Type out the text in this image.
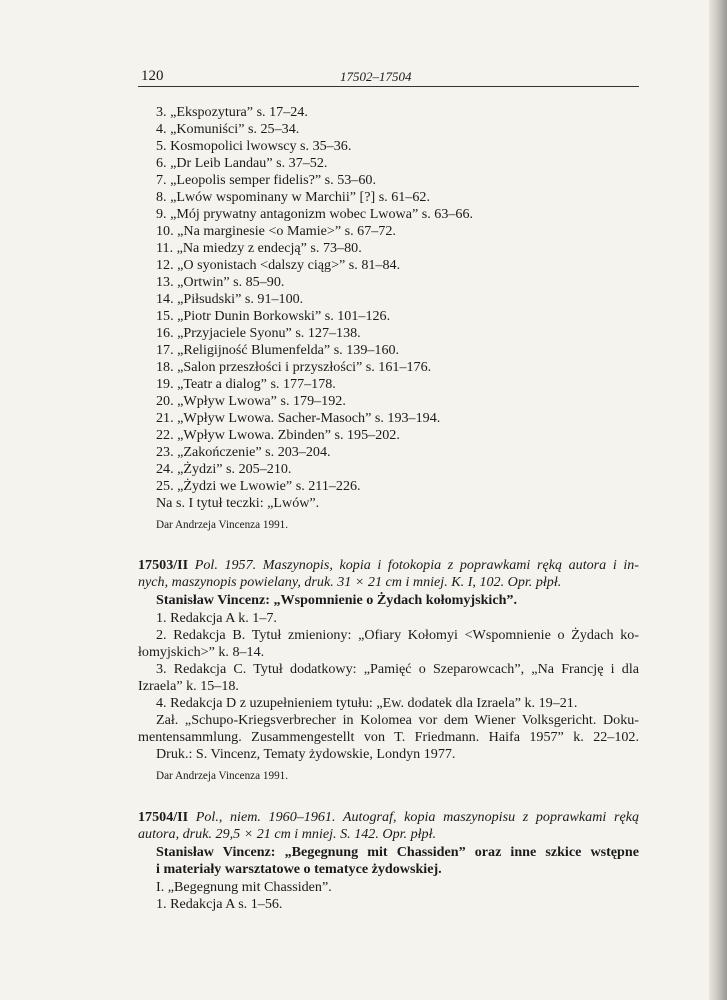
120	17502–17504
3. „Ekspozytura” s. 17–24.
4. „Komuniści” s. 25–34.
5. Kosmopolici lwowscy s. 35–36.
6. „Dr Leib Landau” s. 37–52.
7. „Leopolis semper fidelis?” s. 53–60.
8. „Lwów wspominany w Marchii” [?] s. 61–62.
9. „Mój prywatny antagonizm wobec Lwowa” s. 63–66.
10. „Na marginesie <o Mamie>” s. 67–72.
11. „Na miedzy z endecją” s. 73–80.
12. „O syonistach <dalszy ciąg>” s. 81–84.
13. „Ortwin” s. 85–90.
14. „Piłsudski” s. 91–100.
15. „Piotr Dunin Borkowski” s. 101–126.
16. „Przyjaciele Syonu” s. 127–138.
17. „Religijność Blumenfelda” s. 139–160.
18. „Salon przeszłości i przyszłości” s. 161–176.
19. „Teatr a dialog” s. 177–178.
20. „Wpływ Lwowa” s. 179–192.
21. „Wpływ Lwowa. Sacher-Masoch” s. 193–194.
22. „Wpływ Lwowa. Zbinden” s. 195–202.
23. „Zakończenie” s. 203–204.
24. „Żydzi” s. 205–210.
25. „Żydzi we Lwowie” s. 211–226.
Na s. I tytuł teczki: „Lwów”.
Dar Andrzeja Vincenza 1991.
17503/II Pol. 1957. Maszynopis, kopia i fotokopia z poprawkami ręką autora i in-
nych, maszynopis powielany, druk. 31 × 21 cm i mniej. K. I, 102. Opr. płpł.
Stanisław Vincenz: „Wspomnienie o Żydach kołomyjskich”.
1. Redakcja A k. 1–7.
2. Redakcja B. Tytuł zmieniony: „Ofiary Kołomyi <Wspomnienie o Żydach ko-
łomyjskich>” k. 8–14.
3. Redakcja C. Tytuł dodatkowy: „Pamięć o Szeparowcach”, „Na Francję i dla
Izraela” k. 15–18.
4. Redakcja D z uzupełnieniem tytułu: „Ew. dodatek dla Izraela” k. 19–21.
Zał. „Schupo-Kriegsverbrecher in Kolomea vor dem Wiener Volksgericht. Doku-
mentensammlung. Zusammengestellt von T. Friedmann. Haifa 1957” k. 22–102.
Druk.: S. Vincenz, Tematy żydowskie, Londyn 1977.
Dar Andrzeja Vincenza 1991.
17504/II Pol., niem. 1960–1961. Autograf, kopia maszynopisu z poprawkami ręką
autora, druk. 29,5 × 21 cm i mniej. S. 142. Opr. płpł.
Stanisław Vincenz: „Begegnung mit Chassiden” oraz inne szkice wstępne
i materiały warsztatowe o tematyce żydowskiej.
I. „Begegnung mit Chassiden”.
1. Redakcja A s. 1–56.
